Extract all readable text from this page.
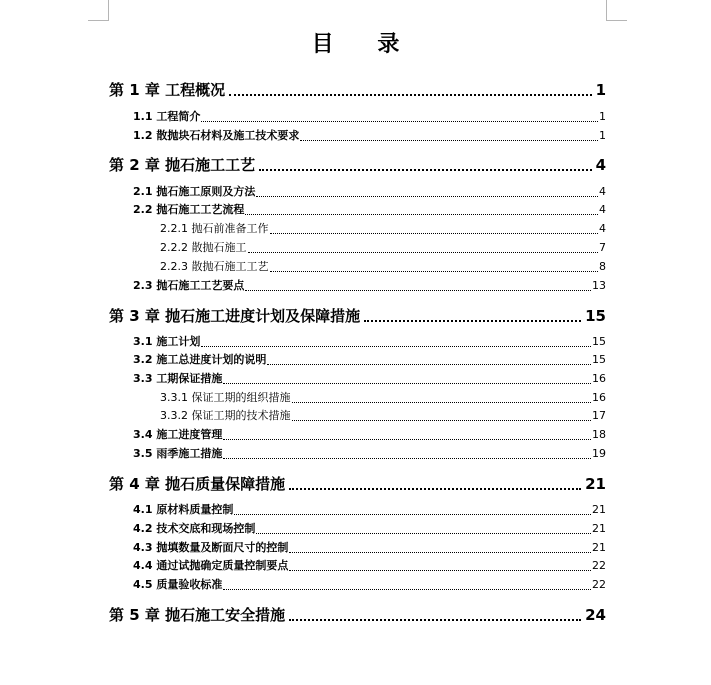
目 录
第 1 章 工程概况	1
1.1 工程简介	1
1.2 散抛块石材料及施工技术要求	1
第 2 章 抛石施工工艺	4
2.1 抛石施工原则及方法	4
2.2 抛石施工工艺流程	4
2.2.1 抛石前准备工作	4
2.2.2 散抛石施工	7
2.2.3 散抛石施工工艺	8
2.3 抛石施工工艺要点	13
第 3 章 抛石施工进度计划及保障措施	15
3.1 施工计划	15
3.2 施工总进度计划的说明	15
3.3 工期保证措施	16
3.3.1 保证工期的组织措施	16
3.3.2 保证工期的技术措施	17
3.4 施工进度管理	18
3.5 雨季施工措施	19
第 4 章 抛石质量保障措施	21
4.1 原材料质量控制	21
4.2 技术交底和现场控制	21
4.3 抛填数量及断面尺寸的控制	21
4.4 通过试抛确定质量控制要点	22
4.5 质量验收标准	22
第 5 章 抛石施工安全措施	24
